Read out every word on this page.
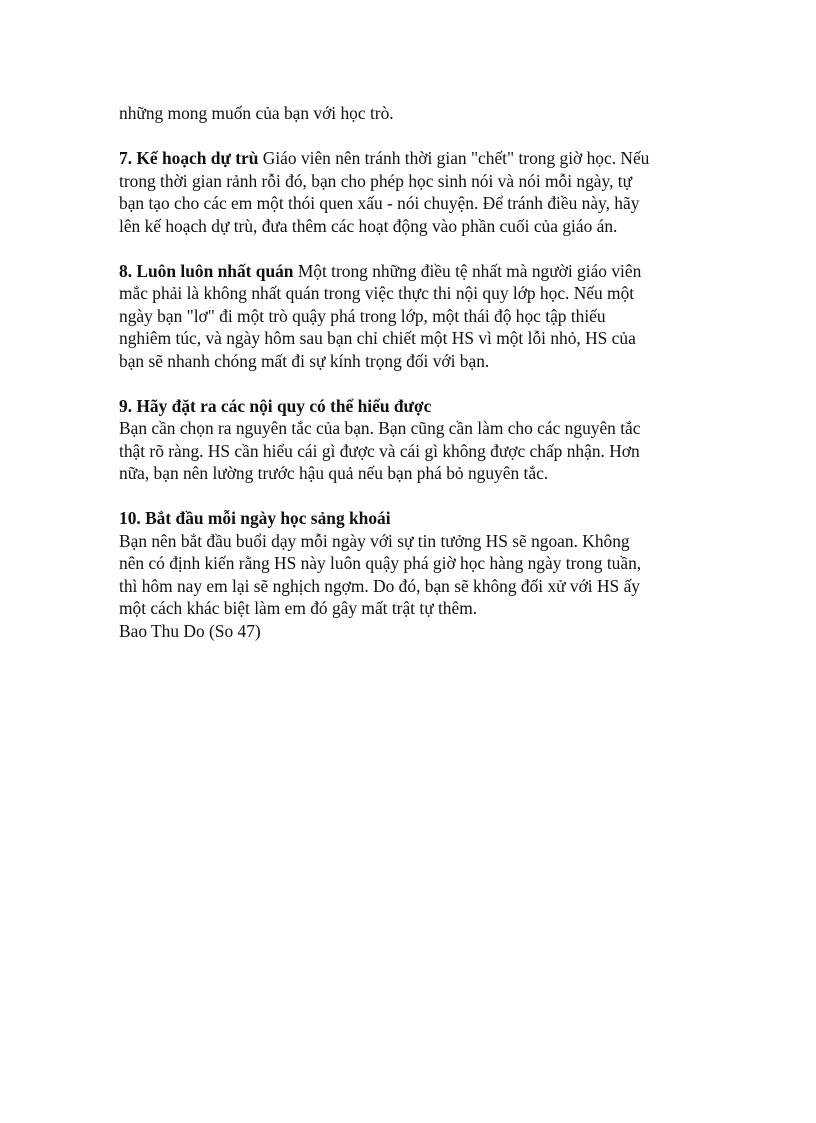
những mong muốn của bạn với học trò.
7. Kế hoạch dự trù Giáo viên nên tránh thời gian "chết" trong giờ học. Nếu
trong thời gian rảnh rỗi đó, bạn cho phép học sinh nói và nói mỗi ngày, tự
bạn tạo cho các em một thói quen xấu - nói chuyện. Để tránh điều này, hãy
lên kế hoạch dự trù, đưa thêm các hoạt động vào phần cuối của giáo án.
8. Luôn luôn nhất quán Một trong những điều tệ nhất mà người giáo viên
mắc phải là không nhất quán trong việc thực thi nội quy lớp học. Nếu một
ngày bạn "lơ" đi một trò quậy phá trong lớp, một thái độ học tập thiếu
nghiêm túc, và ngày hôm sau bạn chỉ chiết một HS vì một lỗi nhỏ, HS của
bạn sẽ nhanh chóng mất đi sự kính trọng đối với bạn.
9. Hãy đặt ra các nội quy có thể hiểu được
Bạn cần chọn ra nguyên tắc của bạn. Bạn cũng cần làm cho các nguyên tắc
thật rõ ràng. HS cần hiểu cái gì được và cái gì không được chấp nhận. Hơn
nữa, bạn nên lường trước hậu quả nếu bạn phá bỏ nguyên tắc.
10. Bắt đầu mỗi ngày học sảng khoái
Bạn nên bắt đầu buổi dạy mỗi ngày với sự tin tưởng HS sẽ ngoan. Không
nên có định kiến rằng HS này luôn quậy phá giờ học hàng ngày trong tuần,
thì hôm nay em lại sẽ nghịch ngợm. Do đó, bạn sẽ không đối xử với HS ấy
một cách khác biệt làm em đó gây mất trật tự thêm.
Bao Thu Do (So 47)
